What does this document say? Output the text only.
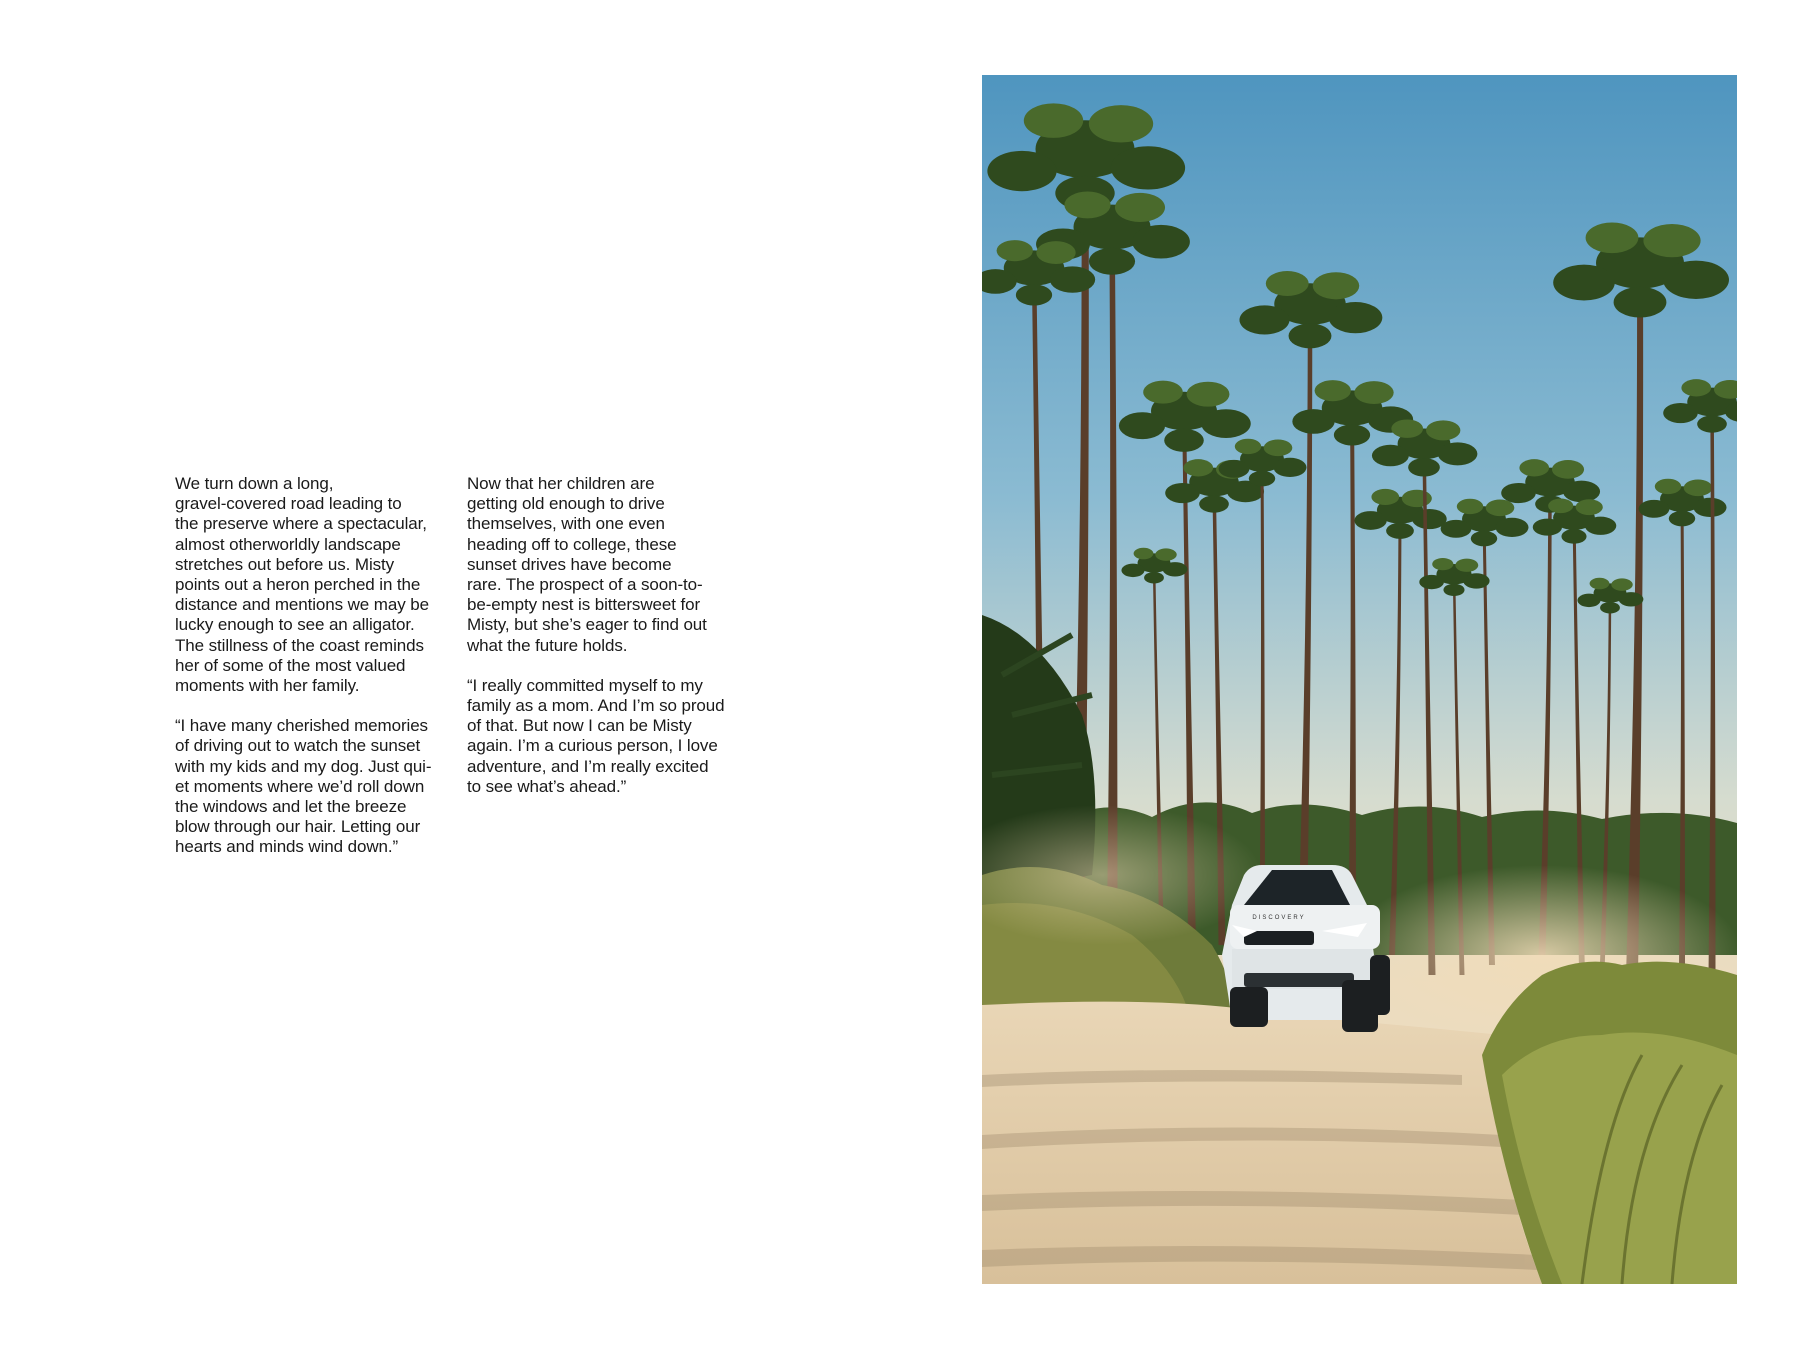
We turn down a long,
gravel-covered road leading to
the preserve where a spectacular,
almost otherworldly landscape
stretches out before us. Misty
points out a heron perched in the
distance and mentions we may be
lucky enough to see an alligator.
The stillness of the coast reminds
her of some of the most valued
moments with her family.
“I have many cherished memories
of driving out to watch the sunset
with my kids and my dog. Just qui-
et moments where we’d roll down
the windows and let the breeze
blow through our hair. Letting our
hearts and minds wind down.”
Now that her children are
getting old enough to drive
themselves, with one even
heading off to college, these
sunset drives have become
rare. The prospect of a soon-to-
be-empty nest is bittersweet for
Misty, but she’s eager to find out
what the future holds.
“I really committed myself to my
family as a mom. And I’m so proud
of that. But now I can be Misty
again. I’m a curious person, I love
adventure, and I’m really excited
to see what’s ahead.”
DISCOVERY
